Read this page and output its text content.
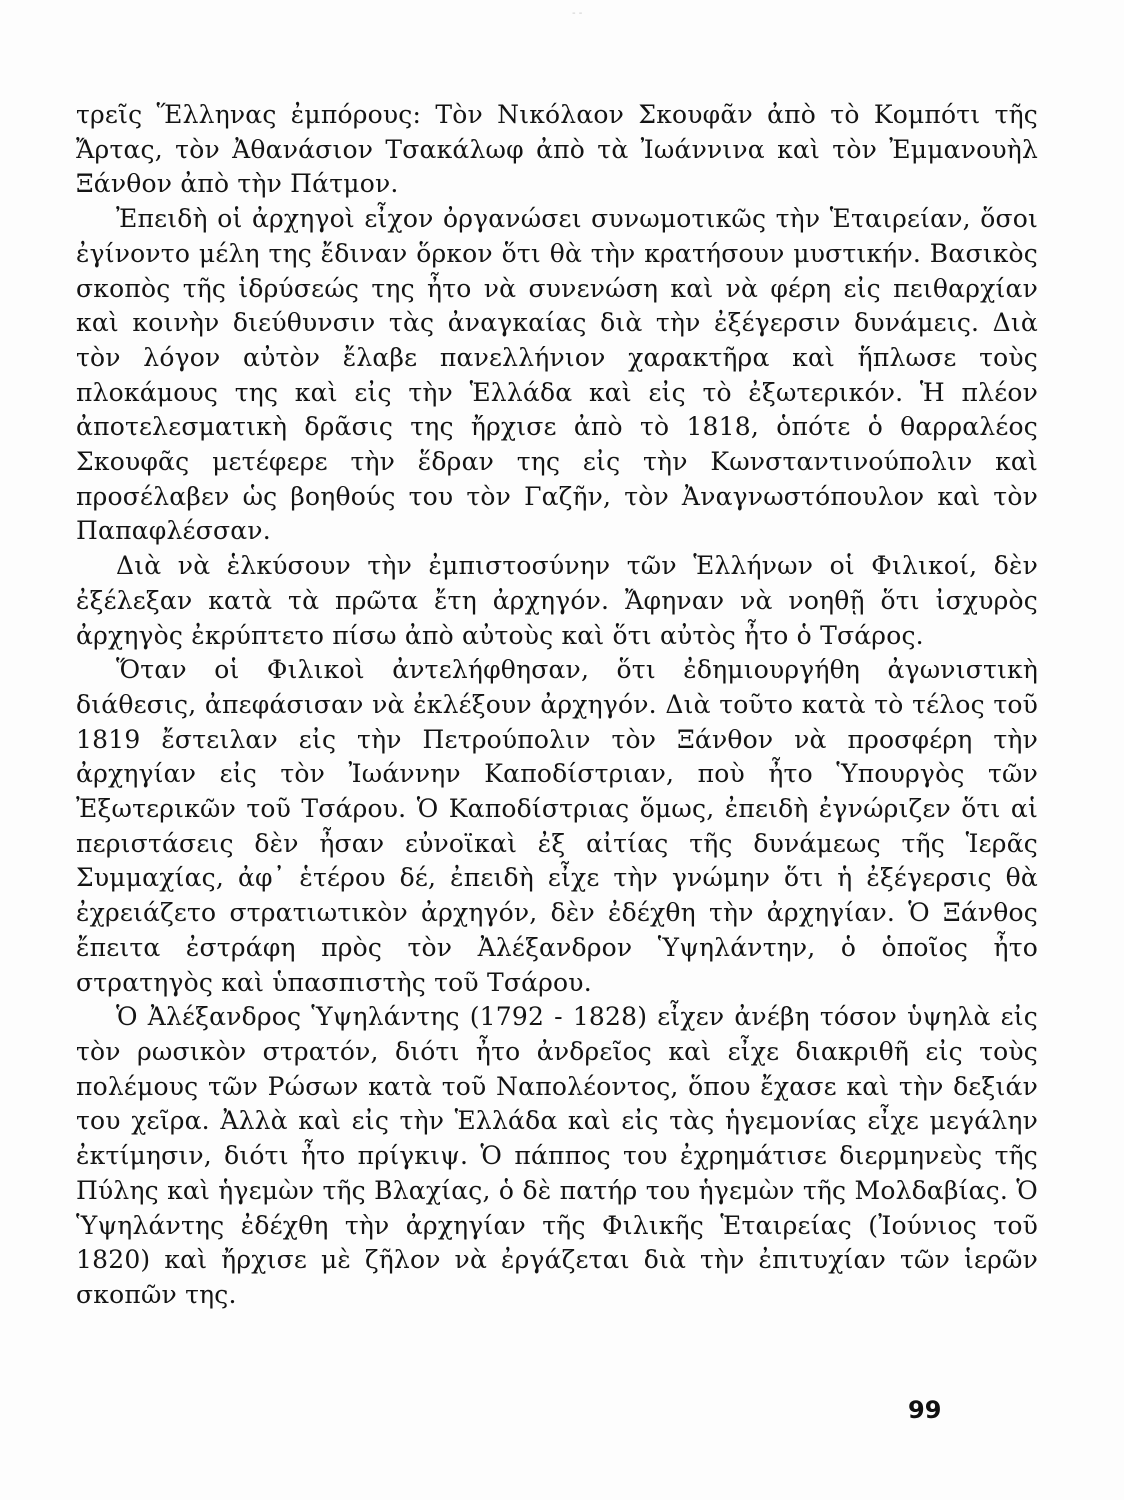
- -

τρεῖς Ἕλληνας ἐμπόρους: Τὸν Νικόλαον Σκουφᾶν ἀπὸ τὸ Κομπότι τῆς Ἄρτας, τὸν Ἀθανάσιον Τσακάλωφ ἀπὸ τὰ Ἰωάννινα καὶ τὸν Ἐμμανουὴλ Ξάνθον ἀπὸ τὴν Πάτμον.

Ἐπειδὴ οἱ ἀρχηγοὶ εἶχον ὀργανώσει συνωμοτικῶς τὴν Ἑταιρείαν, ὅσοι ἐγίνοντο μέλη της ἔδιναν ὅρκον ὅτι θὰ τὴν κρατήσουν μυστικήν. Βασικὸς σκοπὸς τῆς ἱδρύσεώς της ἦτο νὰ συνενώση καὶ νὰ φέρη εἰς πειθαρχίαν καὶ κοινὴν διεύθυνσιν τὰς ἀναγκαίας διὰ τὴν ἐξέγερσιν δυνάμεις. Διὰ τὸν λόγον αὐτὸν ἔλαβε πανελλήνιον χαρακτῆρα καὶ ἥπλωσε τοὺς πλοκάμους της καὶ εἰς τὴν Ἑλλάδα καὶ εἰς τὸ ἐξωτερικόν. Ἡ πλέον ἀποτελεσματικὴ δρᾶσις της ἤρχισε ἀπὸ τὸ 1818, ὁπότε ὁ θαρραλέος Σκουφᾶς μετέφερε τὴν ἕδραν της εἰς τὴν Κωνσταντινούπολιν καὶ προσέλαβεν ὡς βοηθούς του τὸν Γαζῆν, τὸν Ἀναγνωστόπουλον καὶ τὸν Παπαφλέσσαν.

Διὰ νὰ ἑλκύσουν τὴν ἐμπιστοσύνην τῶν Ἑλλήνων οἱ Φιλικοί, δὲν ἐξέλεξαν κατὰ τὰ πρῶτα ἔτη ἀρχηγόν. Ἄφηναν νὰ νοηθῇ ὅτι ἰσχυρὸς ἀρχηγὸς ἐκρύπτετο πίσω ἀπὸ αὐτοὺς καὶ ὅτι αὐτὸς ἦτο ὁ Τσάρος.

Ὅταν οἱ Φιλικοὶ ἀντελήφθησαν, ὅτι ἐδημιουργήθη ἀγωνιστικὴ διάθεσις, ἀπεφάσισαν νὰ ἐκλέξουν ἀρχηγόν. Διὰ τοῦτο κατὰ τὸ τέλος τοῦ 1819 ἔστειλαν εἰς τὴν Πετρούπολιν τὸν Ξάνθον νὰ προσφέρη τὴν ἀρχηγίαν εἰς τὸν Ἰωάννην Καποδίστριαν, ποὺ ἦτο Ὑπουργὸς τῶν Ἐξωτερικῶν τοῦ Τσάρου. Ὁ Καποδίστριας ὅμως, ἐπειδὴ ἐγνώριζεν ὅτι αἱ περιστάσεις δὲν ἦσαν εὐνοϊκαὶ ἐξ αἰτίας τῆς δυνάμεως τῆς Ἱερᾶς Συμμαχίας, ἀφ᾽ ἑτέρου δέ, ἐπειδὴ εἶχε τὴν γνώμην ὅτι ἡ ἐξέγερσις θὰ ἐχρειάζετο στρατιωτικὸν ἀρχηγόν, δὲν ἐδέχθη τὴν ἀρχηγίαν. Ὁ Ξάνθος ἔπειτα ἐστράφη πρὸς τὸν Ἀλέξανδρον Ὑψηλάντην, ὁ ὁποῖος ἦτο στρατηγὸς καὶ ὑπασπιστὴς τοῦ Τσάρου.

Ὁ Ἀλέξανδρος Ὑψηλάντης (1792 - 1828) εἶχεν ἀνέβη τόσον ὑψηλὰ εἰς τὸν ρωσικὸν στρατόν, διότι ἦτο ἀνδρεῖος καὶ εἶχε διακριθῆ εἰς τοὺς πολέμους τῶν Ρώσων κατὰ τοῦ Ναπολέοντος, ὅπου ἔχασε καὶ τὴν δεξιάν του χεῖρα. Ἀλλὰ καὶ εἰς τὴν Ἑλλάδα καὶ εἰς τὰς ἡγεμονίας εἶχε μεγάλην ἐκτίμησιν, διότι ἦτο πρίγκιψ. Ὁ πάππος του ἐχρημάτισε διερμηνεὺς τῆς Πύλης καὶ ἡγεμὼν τῆς Βλαχίας, ὁ δὲ πατήρ του ἡγεμὼν τῆς Μολδαβίας. Ὁ Ὑψηλάντης ἐδέχθη τὴν ἀρχηγίαν τῆς Φιλικῆς Ἑταιρείας (Ἰούνιος τοῦ 1820) καὶ ἤρχισε μὲ ζῆλον νὰ ἐργάζεται διὰ τὴν ἐπιτυχίαν τῶν ἱερῶν σκοπῶν της.

99
